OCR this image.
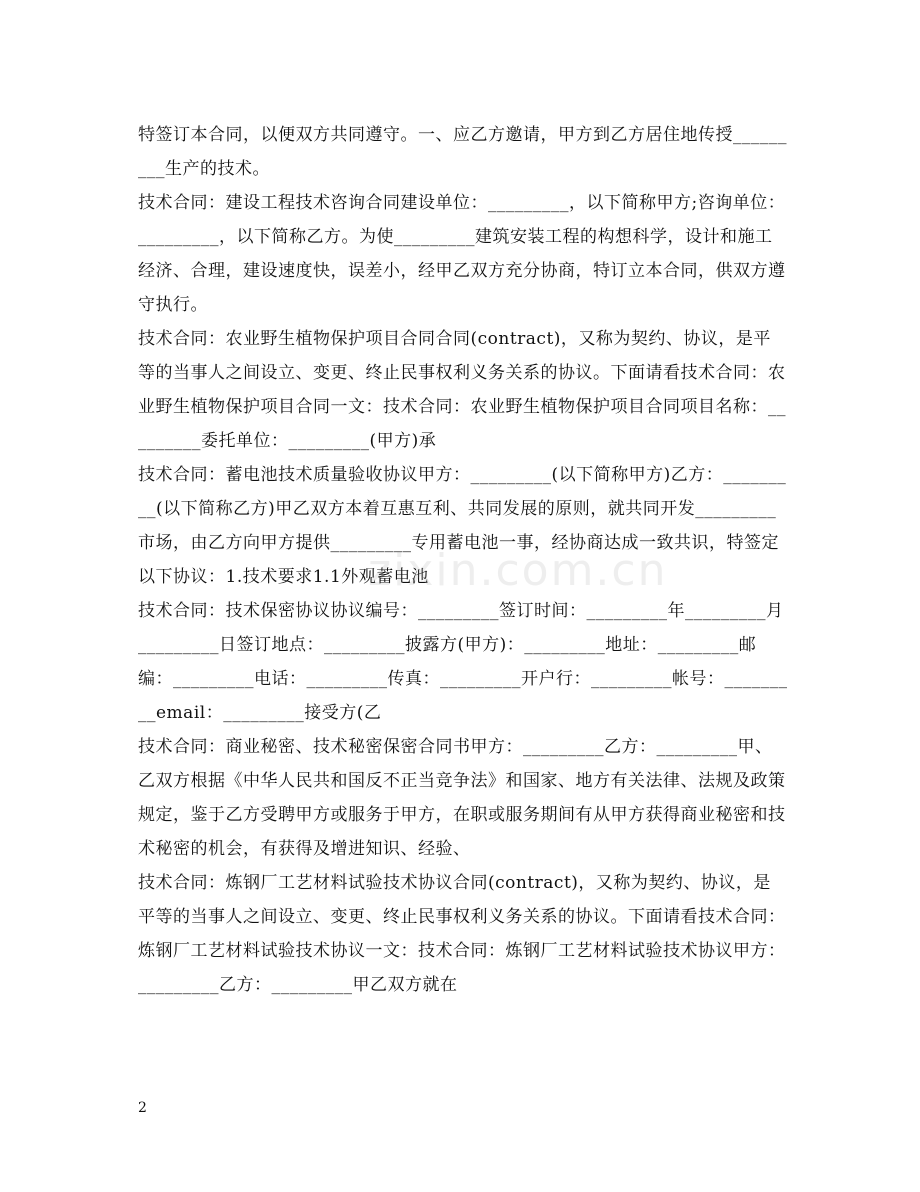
特签订本合同，以便双方共同遵守。一、应乙方邀请，甲方到乙方居住地传授_________生产的技术。

技术合同：建设工程技术咨询合同建设单位：_________，以下简称甲方;咨询单位：_________，以下简称乙方。为使_________建筑安装工程的构想科学，设计和施工经济、合理，建设速度快，误差小，经甲乙双方充分协商，特订立本合同，供双方遵守执行。

技术合同：农业野生植物保护项目合同合同(contract)，又称为契约、协议，是平等的当事人之间设立、变更、终止民事权利义务关系的协议。下面请看技术合同：农业野生植物保护项目合同一文：技术合同：农业野生植物保护项目合同项目名称：_________委托单位：_________(甲方)承

技术合同：蓄电池技术质量验收协议甲方：_________(以下简称甲方)乙方：_________(以下简称乙方)甲乙双方本着互惠互利、共同发展的原则，就共同开发_________市场，由乙方向甲方提供_________专用蓄电池一事，经协商达成一致共识，特签定以下协议：1.技术要求1.1外观蓄电池

技术合同：技术保密协议协议编号：_________签订时间：_________年_________月_________日签订地点：_________披露方(甲方)：_________地址：_________邮编：_________电话：_________传真：_________开户行：_________帐号：_________email：_________接受方(乙

技术合同：商业秘密、技术秘密保密合同书甲方：_________乙方：_________甲、乙双方根据《中华人民共和国反不正当竞争法》和国家、地方有关法律、法规及政策规定，鉴于乙方受聘甲方或服务于甲方，在职或服务期间有从甲方获得商业秘密和技术秘密的机会，有获得及增进知识、经验、

技术合同：炼钢厂工艺材料试验技术协议合同(contract)，又称为契约、协议，是平等的当事人之间设立、变更、终止民事权利义务关系的协议。下面请看技术合同：炼钢厂工艺材料试验技术协议一文：技术合同：炼钢厂工艺材料试验技术协议甲方：_________乙方：_________甲乙双方就在

zixin.com.cn
2
